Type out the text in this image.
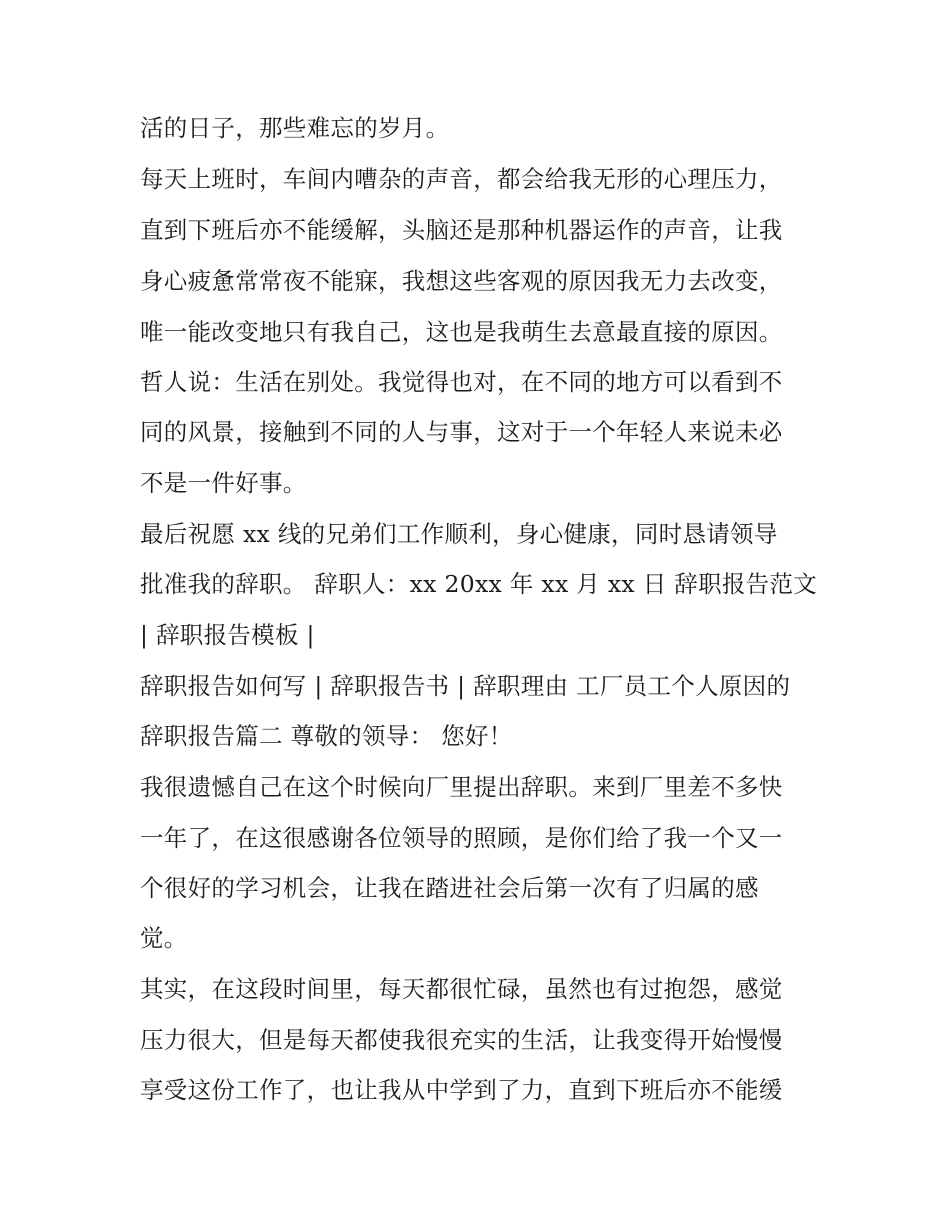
活的日子，那些难忘的岁月。
每天上班时，车间内嘈杂的声音，都会给我无形的心理压力，
直到下班后亦不能缓解，头脑还是那种机器运作的声音，让我
身心疲惫常常夜不能寐，我想这些客观的原因我无力去改变，
唯一能改变地只有我自己，这也是我萌生去意最直接的原因。
哲人说：生活在别处。我觉得也对，在不同的地方可以看到不
同的风景，接触到不同的人与事，这对于一个年轻人来说未必
不是一件好事。
最后祝愿 xx 线的兄弟们工作顺利，身心健康，同时恳请领导
批准我的辞职。 辞职人：xx 20xx 年 xx 月 xx 日 辞职报告范文
| 辞职报告模板 |
辞职报告如何写 | 辞职报告书 | 辞职理由 工厂员工个人原因的
辞职报告篇二 尊敬的领导： 您好！
我很遗憾自己在这个时候向厂里提出辞职。来到厂里差不多快
一年了，在这很感谢各位领导的照顾，是你们给了我一个又一
个很好的学习机会，让我在踏进社会后第一次有了归属的感
觉。
其实，在这段时间里，每天都很忙碌，虽然也有过抱怨，感觉
压力很大，但是每天都使我很充实的生活，让我变得开始慢慢
享受这份工作了，也让我从中学到了力，直到下班后亦不能缓
